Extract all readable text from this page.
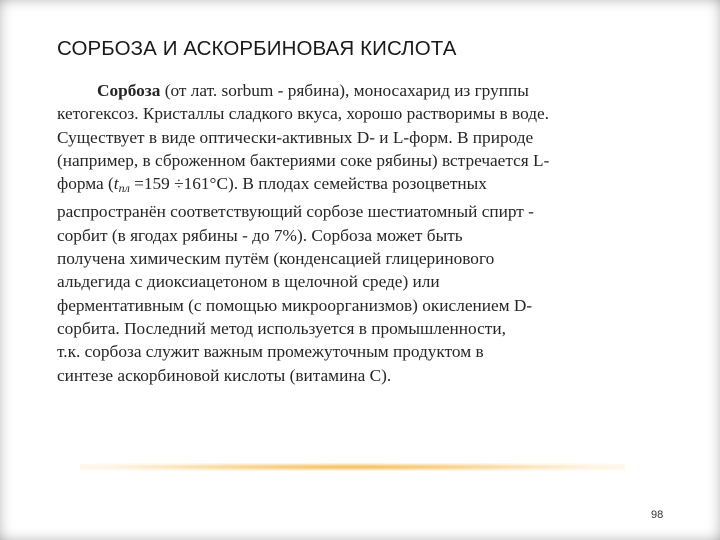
СОРБОЗА И АСКОРБИНОВАЯ КИСЛОТА
Сорбоза (от лат. sorbum - рябина), моносахарид из группы
кетогексоз. Кристаллы сладкого вкуса, хорошо растворимы в воде.
Существует в виде оптически-активных D- и L-форм. В природе
(например, в сброженном бактериями соке рябины) встречается L-
форма $(t_{пл} =159 \div 161^\circ С)$. В плодах семейства розоцветных
распространён соответствующий сорбозе шестиатомный спирт -
сорбит (в ягодах рябины - до 7%). Сорбоза может быть
получена химическим путём (конденсацией глицеринового
альдегида с диоксиацетоном в щелочной среде) или
ферментативным (с помощью микроорганизмов) окислением D-
сорбита. Последний метод используется в промышленности,
т.к. сорбоза служит важным промежуточным продуктом в
синтезе аскорбиновой кислоты (витамина С).
98
